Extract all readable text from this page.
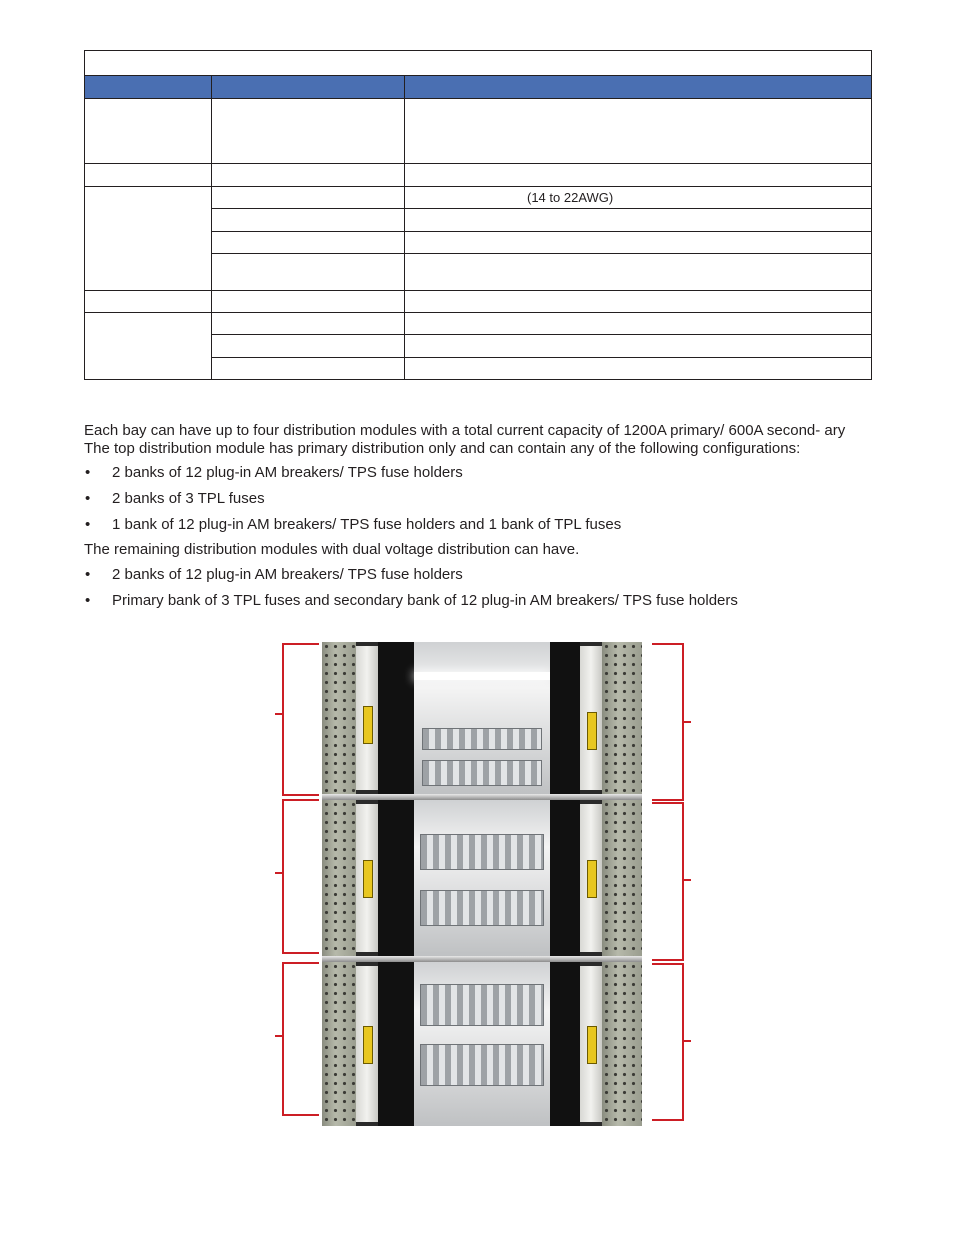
		(14 to 22AWG)

Each bay can have up to four distribution modules with a total current capacity of 1200A primary/ 600A second- ary The top distribution module has primary distribution only and can contain any of the following configurations:

• 2 banks of 12 plug-in AM breakers/ TPS fuse holders
• 2 banks of 3 TPL fuses
• 1 bank of 12 plug-in AM breakers/ TPS fuse holders and 1 bank of TPL fuses

The remaining distribution modules with dual voltage distribution can have.

• 2 banks of 12 plug-in AM breakers/ TPS fuse holders
• Primary bank of 3 TPL fuses and secondary bank of 12 plug-in AM breakers/ TPS fuse holders
